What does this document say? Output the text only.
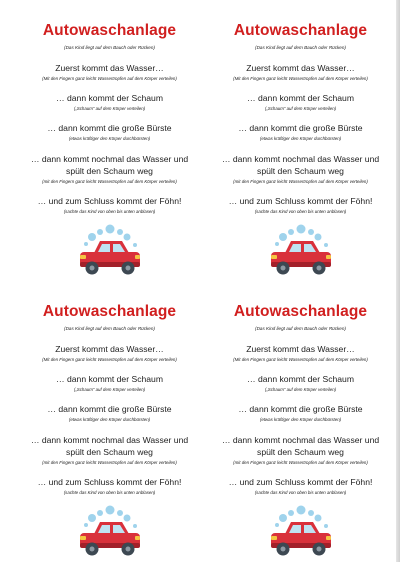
Autowaschanlage
(Das Kind liegt auf dem Bauch oder Rücken)
Zuerst kommt das Wasser…
(Mit den Fingern ganz leicht Wassertropfen auf dem Körper verteilen)
… dann kommt der Schaum
(„Schaum“ auf dem Körper verteilen)
… dann kommt die große Bürste
(etwas kräftiger den Körper durchbürsten)
… dann kommt nochmal das Wasser und
spült den Schaum weg
(mit den Fingern ganz leicht Wassertropfen auf dem Körper verteilen)
… und zum Schluss kommt der Föhn!
(sachte das Kind von oben bis unten anblasen)
Autowaschanlage
(Das Kind liegt auf dem Bauch oder Rücken)
Zuerst kommt das Wasser…
(Mit den Fingern ganz leicht Wassertropfen auf dem Körper verteilen)
… dann kommt der Schaum
(„Schaum“ auf dem Körper verteilen)
… dann kommt die große Bürste
(etwas kräftiger den Körper durchbürsten)
… dann kommt nochmal das Wasser und
spült den Schaum weg
(mit den Fingern ganz leicht Wassertropfen auf dem Körper verteilen)
… und zum Schluss kommt der Föhn!
(sachte das Kind von oben bis unten anblasen)
Autowaschanlage
(Das Kind liegt auf dem Bauch oder Rücken)
Zuerst kommt das Wasser…
(Mit den Fingern ganz leicht Wassertropfen auf dem Körper verteilen)
… dann kommt der Schaum
(„Schaum“ auf dem Körper verteilen)
… dann kommt die große Bürste
(etwas kräftiger den Körper durchbürsten)
… dann kommt nochmal das Wasser und
spült den Schaum weg
(mit den Fingern ganz leicht Wassertropfen auf dem Körper verteilen)
… und zum Schluss kommt der Föhn!
(sachte das Kind von oben bis unten anblasen)
Autowaschanlage
(Das Kind liegt auf dem Bauch oder Rücken)
Zuerst kommt das Wasser…
(Mit den Fingern ganz leicht Wassertropfen auf dem Körper verteilen)
… dann kommt der Schaum
(„Schaum“ auf dem Körper verteilen)
… dann kommt die große Bürste
(etwas kräftiger den Körper durchbürsten)
… dann kommt nochmal das Wasser und
spült den Schaum weg
(mit den Fingern ganz leicht Wassertropfen auf dem Körper verteilen)
… und zum Schluss kommt der Föhn!
(sachte das Kind von oben bis unten anblasen)
